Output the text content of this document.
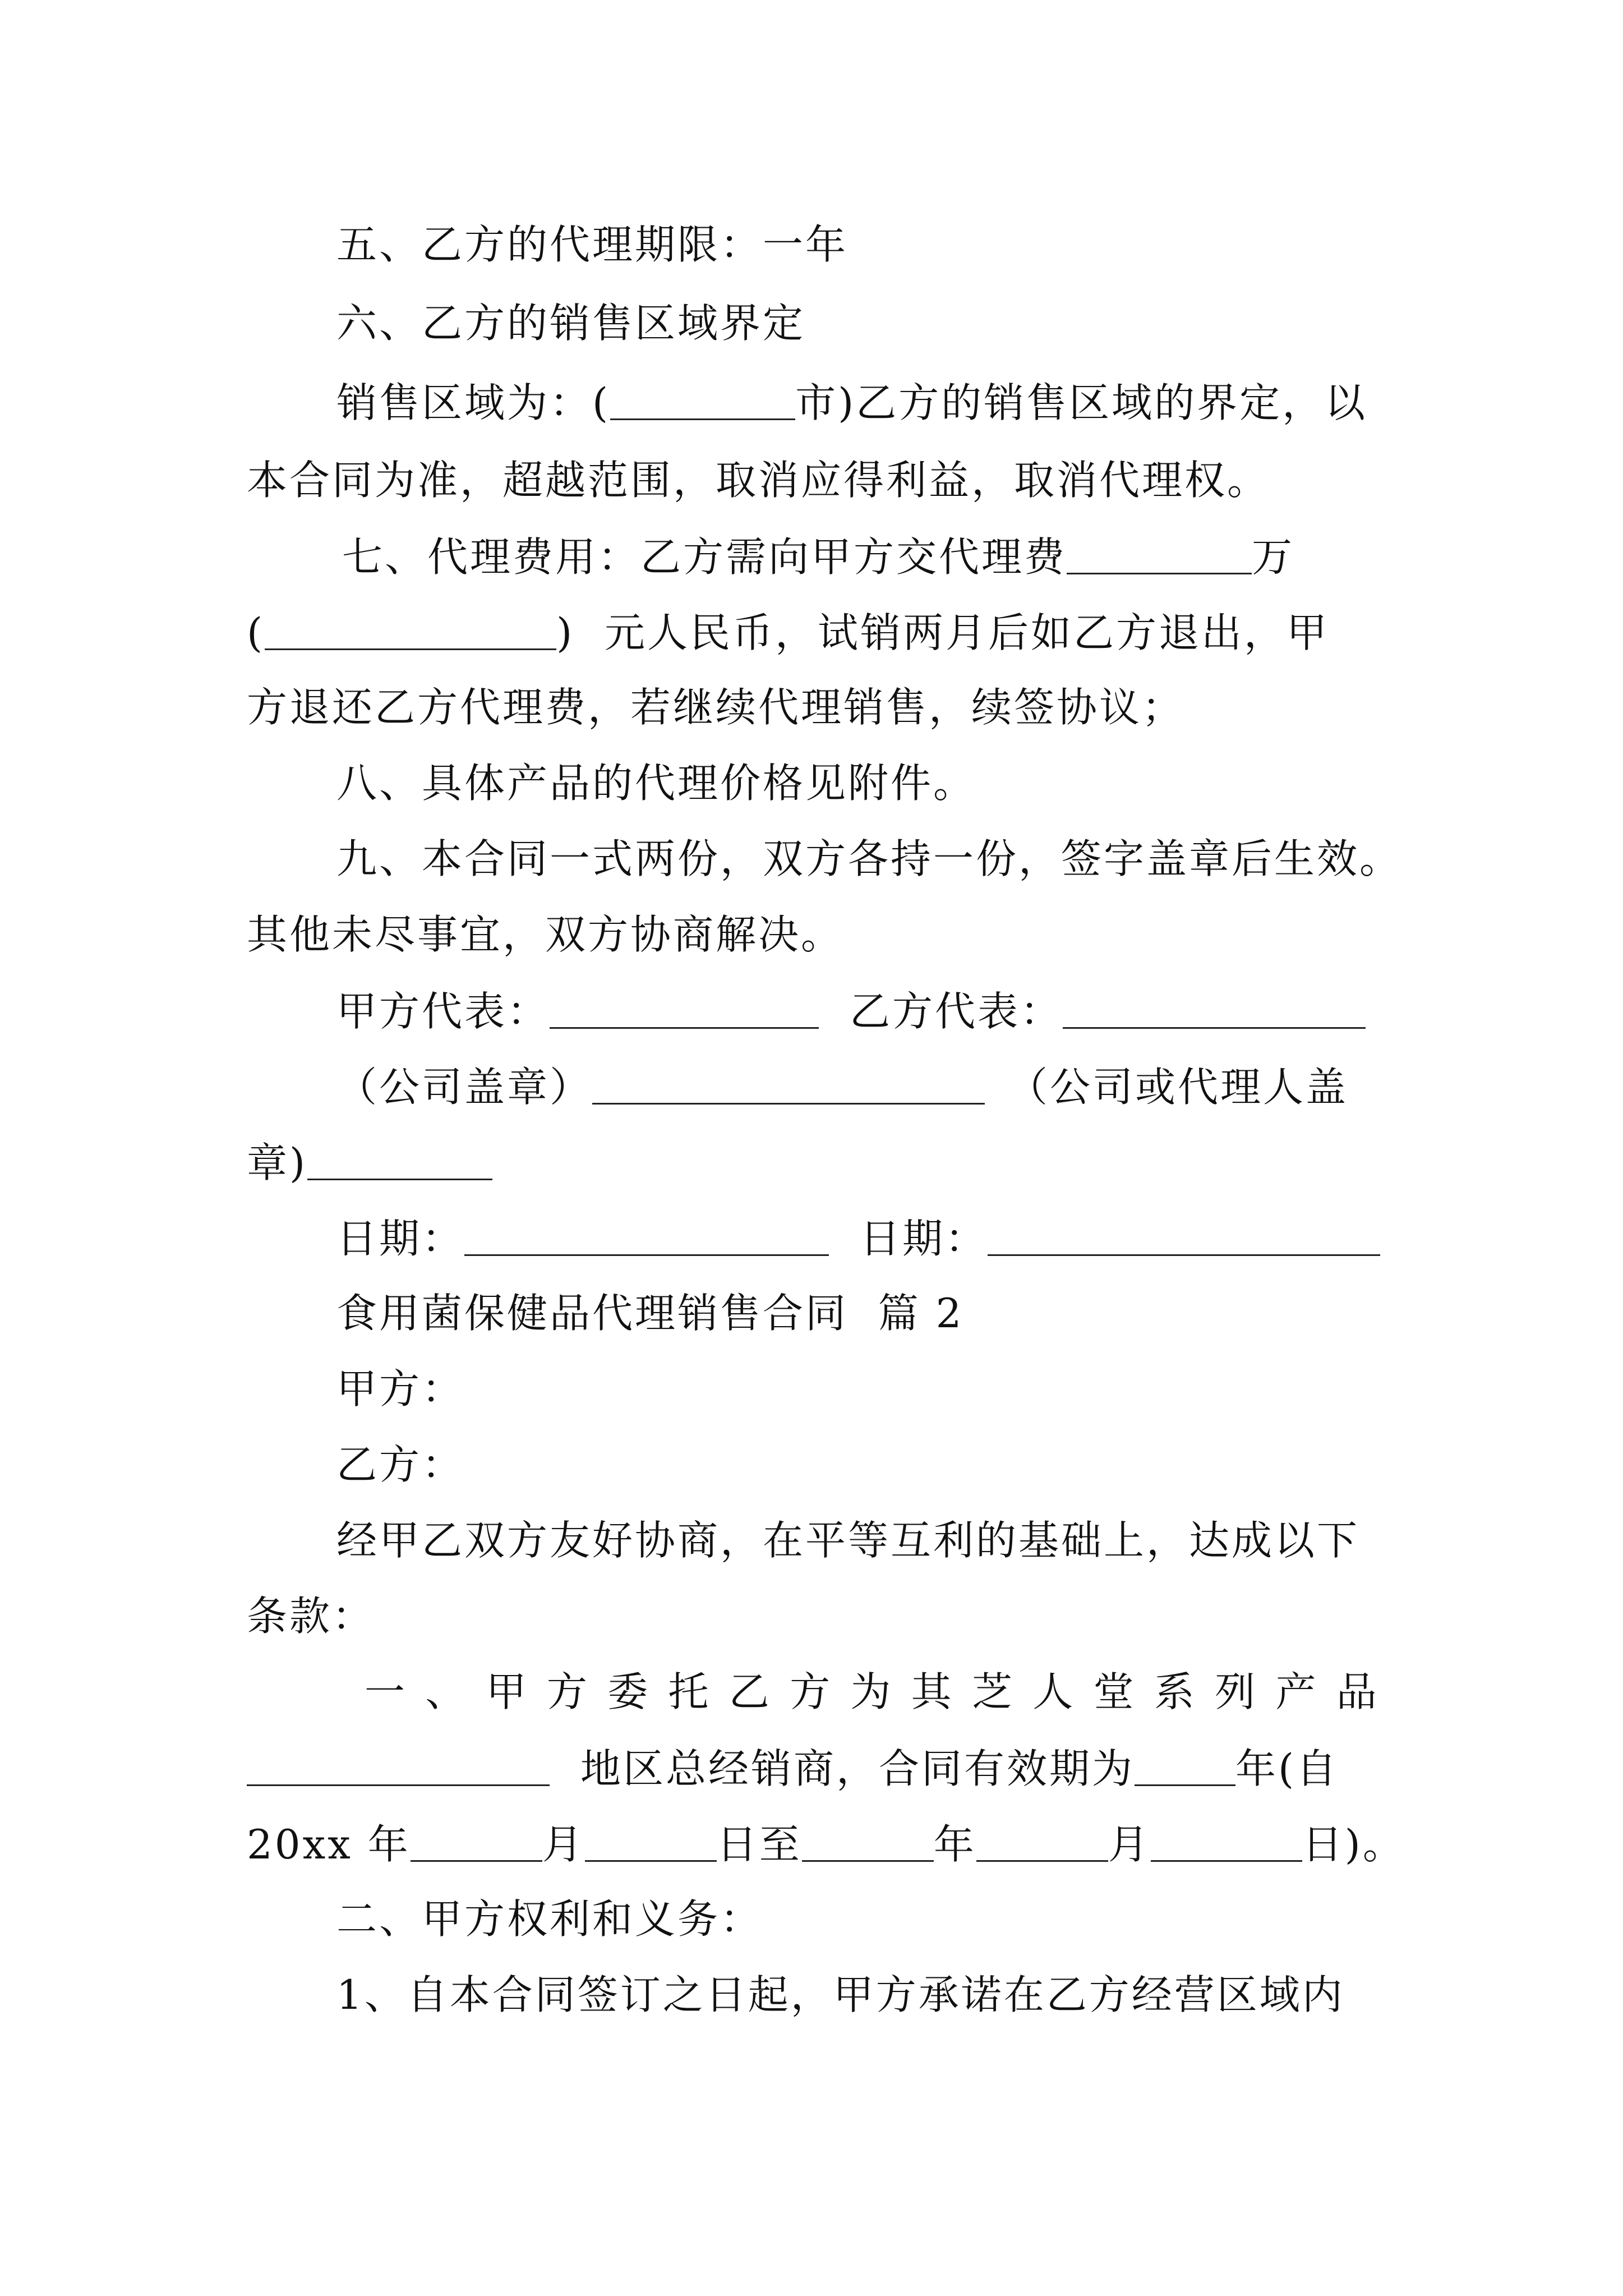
五、乙方的代理期限：一年
六、乙方的销售区域界定
销售区域为：(	市)乙方的销售区域的界定，以
本合同为准，超越范围，取消应得利益，取消代理权。
七、代理费用：乙方需向甲方交代理费	万
(	)  元人民币，试销两月后如乙方退出，甲
方退还乙方代理费，若继续代理销售，续签协议；
八、具体产品的代理价格见附件。
九、本合同一式两份，双方各持一份，签字盖章后生效。
其他未尽事宜，双方协商解决。
甲方代表：	乙方代表：
（公司盖章）	（公司或代理人盖
章)
日期：	日期：
食用菌保健品代理销售合同  篇 2
甲方：
乙方：
经甲乙双方友好协商，在平等互利的基础上，达成以下
条款：
一 、 甲 方 委 托 乙 方 为 其 芝 人 堂 系 列 产 品
地区总经销商，合同有效期为	年(自
20xx 年	月	日至	年	月	日)。
二、甲方权利和义务：
1、自本合同签订之日起，甲方承诺在乙方经营区域内
